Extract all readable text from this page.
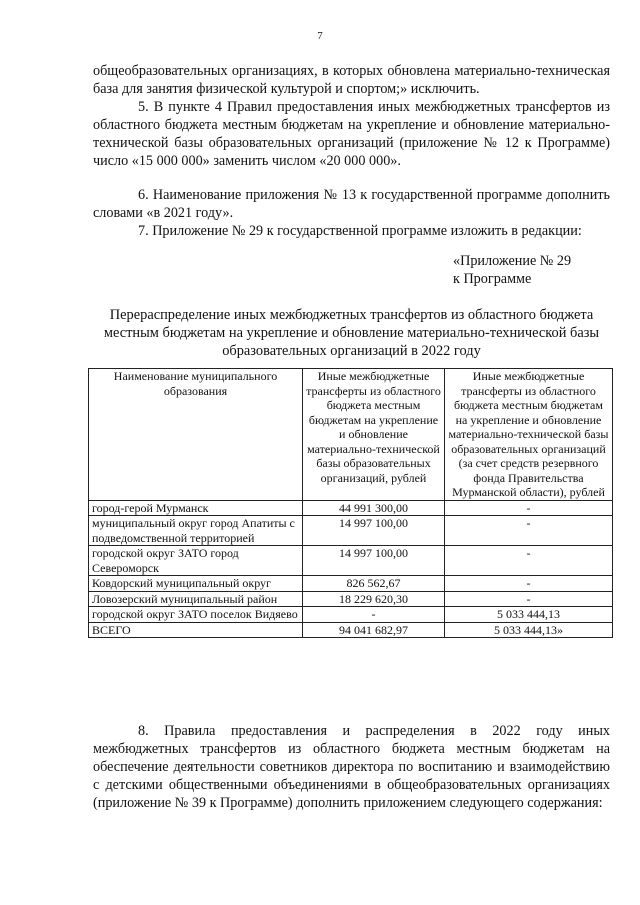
7
общеобразовательных организациях, в которых обновлена материально-техническая база для занятия физической культурой и спортом;» исключить.
5. В пункте 4 Правил предоставления иных межбюджетных трансфертов из областного бюджета местным бюджетам на укрепление и обновление материально-технической базы образовательных организаций (приложение № 12 к Программе) число «15 000 000» заменить числом «20 000 000».
6. Наименование приложения № 13 к государственной программе дополнить словами «в 2021 году».
7. Приложение № 29 к государственной программе изложить в редакции:
«Приложение № 29
к Программе
Перераспределение иных межбюджетных трансфертов из областного бюджета местным бюджетам на укрепление и обновление материально-технической базы образовательных организаций в 2022 году
Наименование муниципального образования	Иные межбюджетные трансферты из областного бюджета местным бюджетам на укрепление и обновление материально-технической базы образовательных организаций, рублей	Иные межбюджетные трансферты из областного бюджета местным бюджетам на укрепление и обновление материально-технической базы образовательных организаций (за счет средств резервного фонда Правительства Мурманской области), рублей
город-герой Мурманск	44 991 300,00	-
муниципальный округ город Апатиты с подведомственной территорией	14 997 100,00	-
городской округ ЗАТО город Североморск	14 997 100,00	-
Ковдорский муниципальный округ	826 562,67	-
Ловозерский муниципальный район	18 229 620,30	-
городской округ ЗАТО поселок Видяево	-	5 033 444,13
ВСЕГО	94 041 682,97	5 033 444,13»
8. Правила предоставления и распределения в 2022 году иных межбюджетных трансфертов из областного бюджета местным бюджетам на обеспечение деятельности советников директора по воспитанию и взаимодействию с детскими общественными объединениями в общеобразовательных организациях (приложение № 39 к Программе) дополнить приложением следующего содержания:
